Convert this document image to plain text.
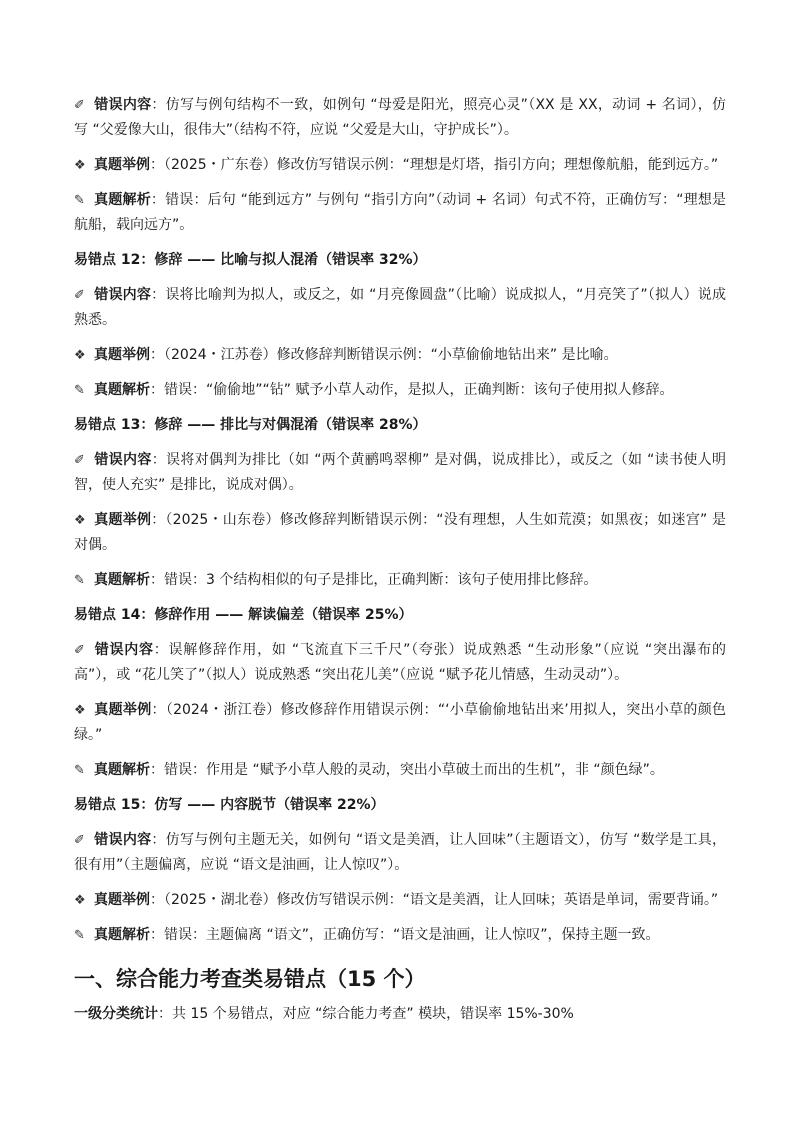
✐ 错误内容：仿写与例句结构不一致，如例句 “母爱是阳光，照亮心灵”（XX 是 XX，动词 + 名词），仿写 “父爱像大山，很伟大”（结构不符，应说 “父爱是大山，守护成长”）。

❖ 真题举例：（2025・广东卷）修改仿写错误示例：“理想是灯塔，指引方向；理想像航船，能到远方。”

✎ 真题解析：错误：后句 “能到远方” 与例句 “指引方向”（动词 + 名词）句式不符，正确仿写：“理想是航船，载向远方”。

易错点 12：修辞 —— 比喻与拟人混淆（错误率 32%）

✐ 错误内容：误将比喻判为拟人，或反之，如 “月亮像圆盘”（比喻）说成拟人，“月亮笑了”（拟人）说成熟悉。

❖ 真题举例：（2024・江苏卷）修改修辞判断错误示例：“小草偷偷地钻出来” 是比喻。

✎ 真题解析：错误：“偷偷地”“钻” 赋予小草人动作，是拟人，正确判断：该句子使用拟人修辞。

易错点 13：修辞 —— 排比与对偶混淆（错误率 28%）

✐ 错误内容：误将对偶判为排比（如 “两个黄鹂鸣翠柳” 是对偶，说成排比），或反之（如 “读书使人明智，使人充实” 是排比，说成对偶）。

❖ 真题举例：（2025・山东卷）修改修辞判断错误示例：“没有理想，人生如荒漠；如黑夜；如迷宫” 是对偶。

✎ 真题解析：错误：3 个结构相似的句子是排比，正确判断：该句子使用排比修辞。

易错点 14：修辞作用 —— 解读偏差（错误率 25%）

✐ 错误内容：误解修辞作用，如 “飞流直下三千尺”（夸张）说成熟悉 “生动形象”（应说 “突出瀑布的高”），或 “花儿笑了”（拟人）说成熟悉 “突出花儿美”（应说 “赋予花儿情感，生动灵动”）。

❖ 真题举例：（2024・浙江卷）修改修辞作用错误示例：“‘小草偷偷地钻出来’用拟人，突出小草的颜色绿。”

✎ 真题解析：错误：作用是 “赋予小草人般的灵动，突出小草破土而出的生机”，非 “颜色绿”。

易错点 15：仿写 —— 内容脱节（错误率 22%）

✐ 错误内容：仿写与例句主题无关，如例句 “语文是美酒，让人回味”（主题语文），仿写 “数学是工具，很有用”（主题偏离，应说 “语文是油画，让人惊叹”）。

❖ 真题举例：（2025・湖北卷）修改仿写错误示例：“语文是美酒，让人回味；英语是单词，需要背诵。”

✎ 真题解析：错误：主题偏离 “语文”，正确仿写：“语文是油画，让人惊叹”，保持主题一致。

一、综合能力考查类易错点（15 个）

一级分类统计：共 15 个易错点，对应 “综合能力考查” 模块，错误率 15%-30%
